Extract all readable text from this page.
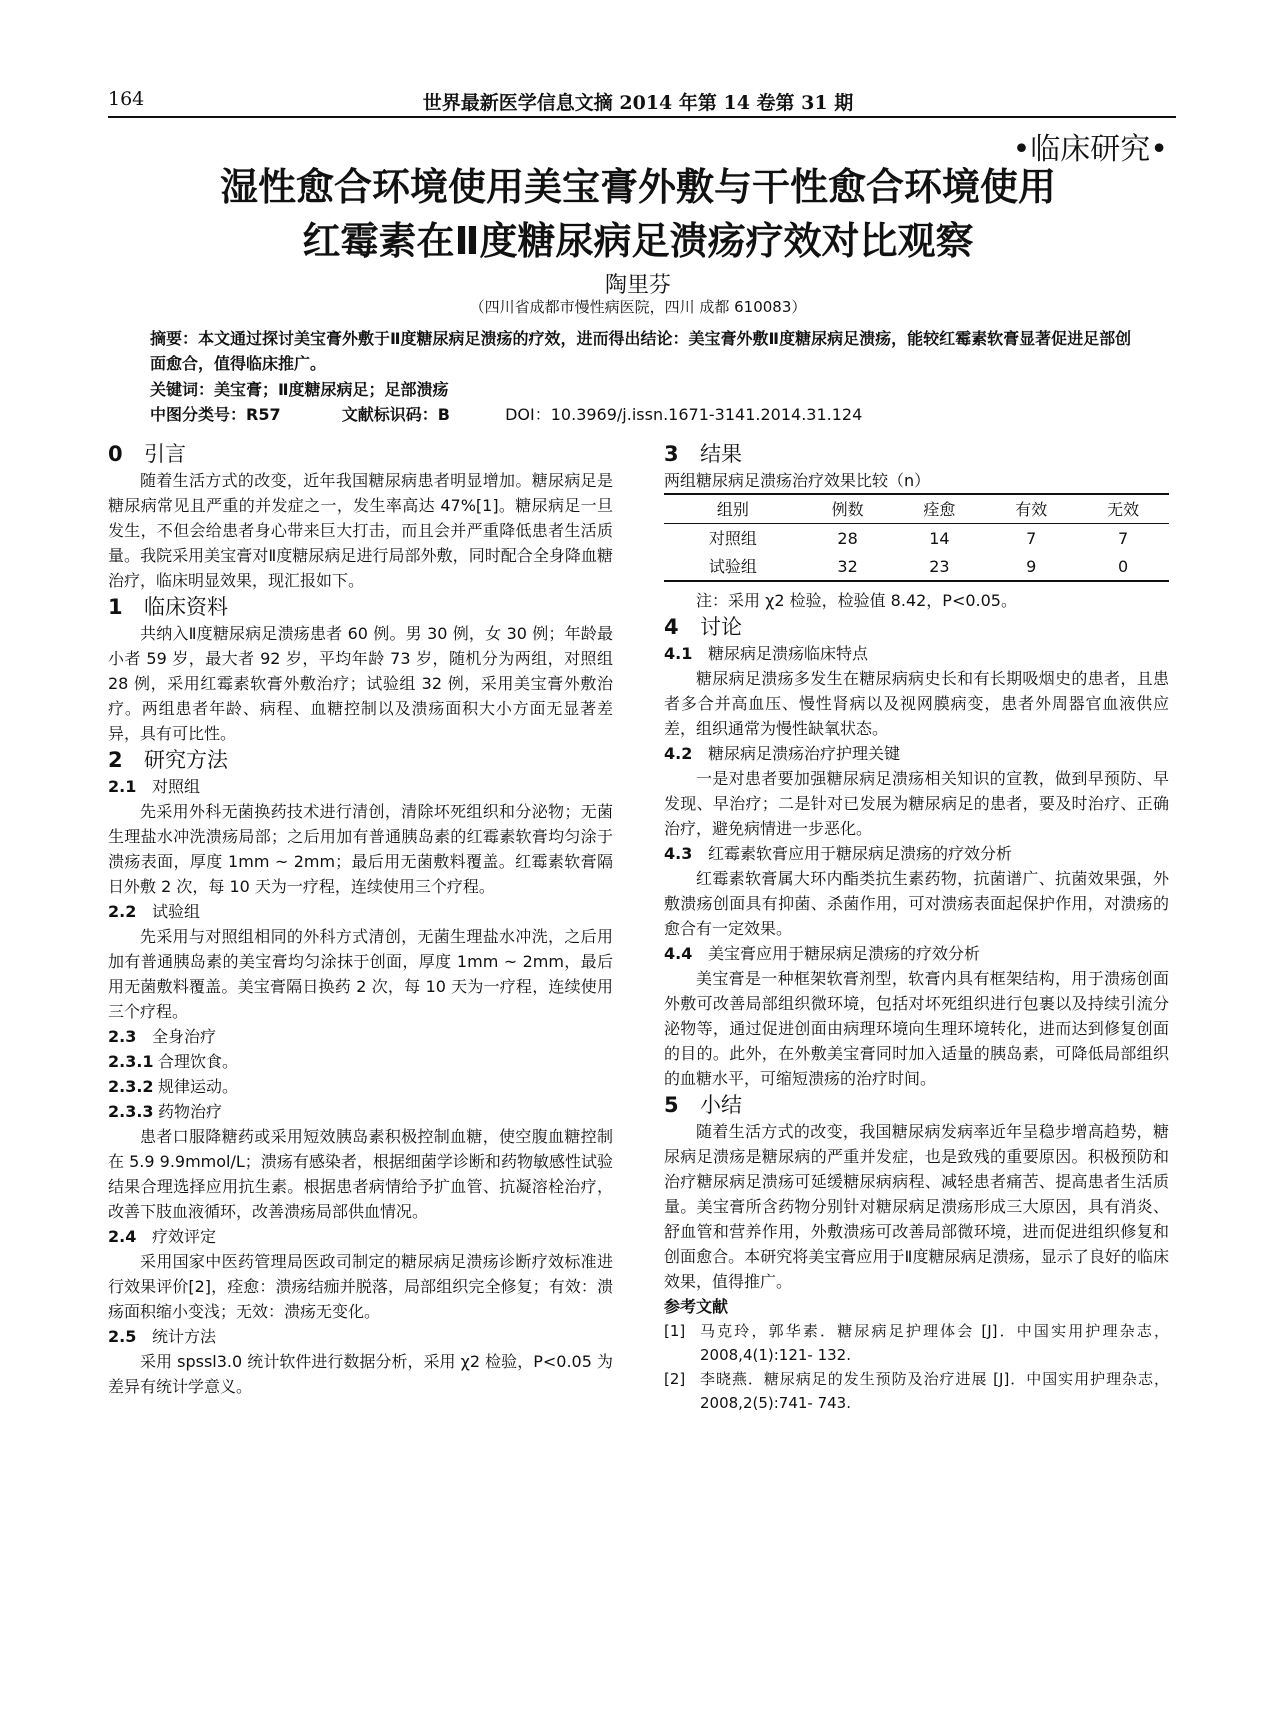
164	世界最新医学信息文摘 2014 年第 14 卷第 31 期
•临床研究•
湿性愈合环境使用美宝膏外敷与干性愈合环境使用
红霉素在Ⅱ度糖尿病足溃疡疗效对比观察
陶里芬
（四川省成都市慢性病医院，四川 成都 610083）
摘要：本文通过探讨美宝膏外敷于Ⅱ度糖尿病足溃疡的疗效，进而得出结论：美宝膏外敷Ⅱ度糖尿病足溃疡，能较红霉素软膏显著促进足部创面愈合，值得临床推广。
关键词：美宝膏；Ⅱ度糖尿病足；足部溃疡
中图分类号：R57	文献标识码：B	DOI：10.3969/j.issn.1671-3141.2014.31.124
0 引言

随着生活方式的改变，近年我国糖尿病患者明显增加。糖尿病足是糖尿病常见且严重的并发症之一，发生率高达 47%[1]。糖尿病足一旦发生，不但会给患者身心带来巨大打击，而且会并严重降低患者生活质量。我院采用美宝膏对Ⅱ度糖尿病足进行局部外敷，同时配合全身降血糖治疗，临床明显效果，现汇报如下。

1 临床资料

共纳入Ⅱ度糖尿病足溃疡患者 60 例。男 30 例，女 30 例；年龄最小者 59 岁，最大者 92 岁，平均年龄 73 岁，随机分为两组，对照组 28 例，采用红霉素软膏外敷治疗；试验组 32 例，采用美宝膏外敷治疗。两组患者年龄、病程、血糖控制以及溃疡面积大小方面无显著差异，具有可比性。

2 研究方法
2.1 对照组

先采用外科无菌换药技术进行清创，清除坏死组织和分泌物；无菌生理盐水冲洗溃疡局部；之后用加有普通胰岛素的红霉素软膏均匀涂于溃疡表面，厚度 1mm ~ 2mm；最后用无菌敷料覆盖。红霉素软膏隔日外敷 2 次，每 10 天为一疗程，连续使用三个疗程。

2.2 试验组

先采用与对照组相同的外科方式清创，无菌生理盐水冲洗，之后用加有普通胰岛素的美宝膏均匀涂抹于创面，厚度 1mm ~ 2mm，最后用无菌敷料覆盖。美宝膏隔日换药 2 次，每 10 天为一疗程，连续使用三个疗程。

2.3 全身治疗
2.3.1 合理饮食。
2.3.2 规律运动。
2.3.3 药物治疗

患者口服降糖药或采用短效胰岛素积极控制血糖，使空腹血糖控制在 5.9 9.9mmol/L；溃疡有感染者，根据细菌学诊断和药物敏感性试验结果合理选择应用抗生素。根据患者病情给予扩血管、抗凝溶栓治疗，改善下肢血液循环，改善溃疡局部供血情况。

2.4 疗效评定

采用国家中医药管理局医政司制定的糖尿病足溃疡诊断疗效标准进行效果评价[2]，痊愈：溃疡结痂并脱落，局部组织完全修复；有效：溃疡面积缩小变浅；无效：溃疡无变化。

2.5 统计方法

采用 spssl3.0 统计软件进行数据分析，采用 χ2 检验，P<0.05 为差异有统计学意义。

3 结果

两组糖尿病足溃疡治疗效果比较（n）

组别	例数	痊愈	有效	无效
对照组	28	14	7	7
试验组	32	23	9	0

注：采用 χ2 检验，检验值 8.42，P<0.05。

4 讨论
4.1 糖尿病足溃疡临床特点

糖尿病足溃疡多发生在糖尿病病史长和有长期吸烟史的患者，且患者多合并高血压、慢性肾病以及视网膜病变，患者外周器官血液供应差，组织通常为慢性缺氧状态。

4.2 糖尿病足溃疡治疗护理关键

一是对患者要加强糖尿病足溃疡相关知识的宣教，做到早预防、早发现、早治疗；二是针对已发展为糖尿病足的患者，要及时治疗、正确治疗，避免病情进一步恶化。

4.3 红霉素软膏应用于糖尿病足溃疡的疗效分析

红霉素软膏属大环内酯类抗生素药物，抗菌谱广、抗菌效果强，外敷溃疡创面具有抑菌、杀菌作用，可对溃疡表面起保护作用，对溃疡的愈合有一定效果。

4.4 美宝膏应用于糖尿病足溃疡的疗效分析

美宝膏是一种框架软膏剂型，软膏内具有框架结构，用于溃疡创面外敷可改善局部组织微环境，包括对坏死组织进行包裹以及持续引流分泌物等，通过促进创面由病理环境向生理环境转化，进而达到修复创面的目的。此外，在外敷美宝膏同时加入适量的胰岛素，可降低局部组织的血糖水平，可缩短溃疡的治疗时间。

5 小结

随着生活方式的改变，我国糖尿病发病率近年呈稳步增高趋势，糖尿病足溃疡是糖尿病的严重并发症，也是致残的重要原因。积极预防和治疗糖尿病足溃疡可延缓糖尿病病程、减轻患者痛苦、提高患者生活质量。美宝膏所含药物分别针对糖尿病足溃疡形成三大原因，具有消炎、舒血管和营养作用，外敷溃疡可改善局部微环境，进而促进组织修复和创面愈合。本研究将美宝膏应用于Ⅱ度糖尿病足溃疡，显示了良好的临床效果，值得推广。

参考文献
[1] 马克玲，郭华素．糖尿病足护理体会 [J]．中国实用护理杂志，2008,4(1):121- 132.
[2] 李晓燕．糖尿病足的发生预防及治疗进展 [J]．中国实用护理杂志，2008,2(5):741- 743.
